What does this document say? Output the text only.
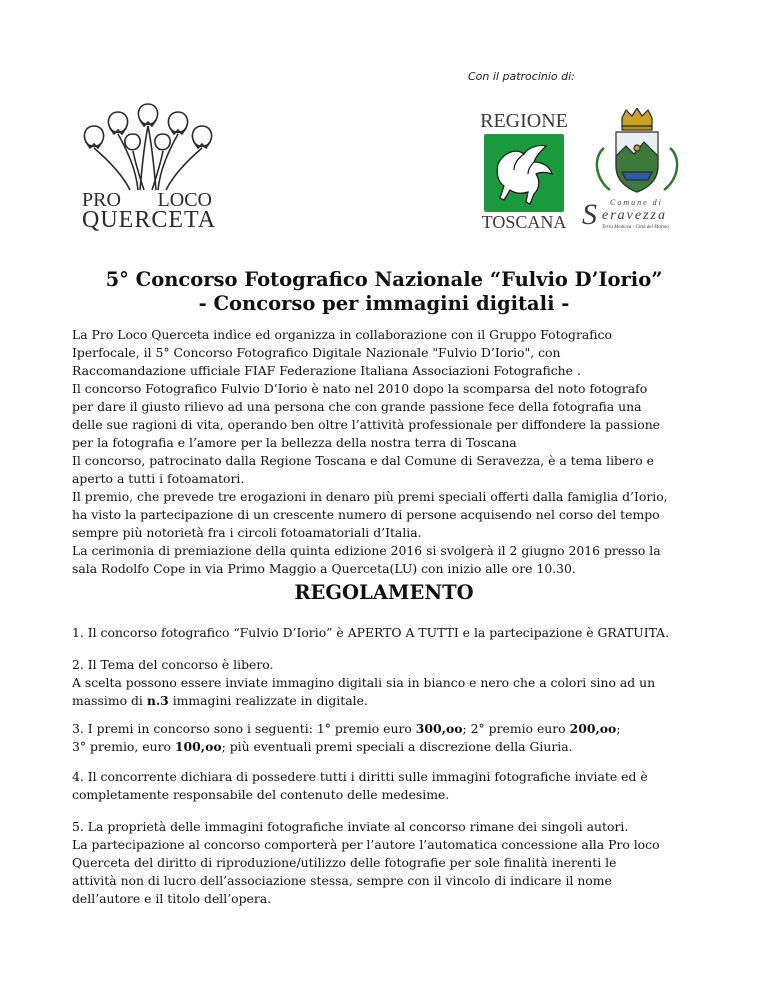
Con il patrocinio di:
PRO LOCO
QUERCETA
REGIONE
TOSCANA
Comune di
S eravezza
Terra Medicea - Città del Marmo
5° Concorso Fotografico Nazionale “Fulvio D’Iorio”
- Concorso per immagini digitali -
La Pro Loco Querceta indìce ed organizza in collaborazione con il Gruppo Fotografico
Iperfocale, il 5° Concorso Fotografico Digitale Nazionale "Fulvio D’Iorio", con
Raccomandazione ufficiale FIAF Federazione Italiana Associazioni Fotografiche .
Il concorso Fotografico Fulvio D’Iorio è nato nel 2010 dopo la scomparsa del noto fotografo
per dare il giusto rilievo ad una persona che con grande passione fece della fotografia una
delle sue ragioni di vita, operando ben oltre l’attività professionale per diffondere la passione
per la fotografia e l’amore per la bellezza della nostra terra di Toscana
Il concorso, patrocinato dalla Regione Toscana e dal Comune di Seravezza, è a tema libero e
aperto a tutti i fotoamatori.
Il premio, che prevede tre erogazioni in denaro più premi speciali offerti dalla famiglia d’Iorio,
ha visto la partecipazione di un crescente numero di persone acquisendo nel corso del tempo
sempre più notorietà fra i circoli fotoamatoriali d’Italia.
La cerimonia di premiazione della quinta edizione 2016 si svolgerà il 2 giugno 2016 presso la
sala Rodolfo Cope in via Primo Maggio a Querceta(LU) con inizio alle ore 10.30.
REGOLAMENTO
1. Il concorso fotografico “Fulvio D’Iorio” è APERTO A TUTTI e la partecipazione è GRATUITA.
2. Il Tema del concorso è libero.
A scelta possono essere inviate immagino digitali sia in bianco e nero che a colori sino ad un
massimo di n.3 immagini realizzate in digitale.
3. I premi in concorso sono i seguenti: 1° premio euro 300,oo; 2° premio euro 200,oo;
3° premio, euro 100,oo; più eventuali premi speciali a discrezione della Giuria.
4. Il concorrente dichiara di possedere tutti i diritti sulle immagini fotografiche inviate ed è
completamente responsabile del contenuto delle medesime.
5. La proprietà delle immagini fotografiche inviate al concorso rimane dei singoli autori.
La partecipazione al concorso comporterà per l’autore l’automatica concessione alla Pro loco
Querceta del diritto di riproduzione/utilizzo delle fotografie per sole finalità inerenti le
attività non di lucro dell’associazione stessa, sempre con il vincolo di indicare il nome
dell’autore e il titolo dell’opera.
